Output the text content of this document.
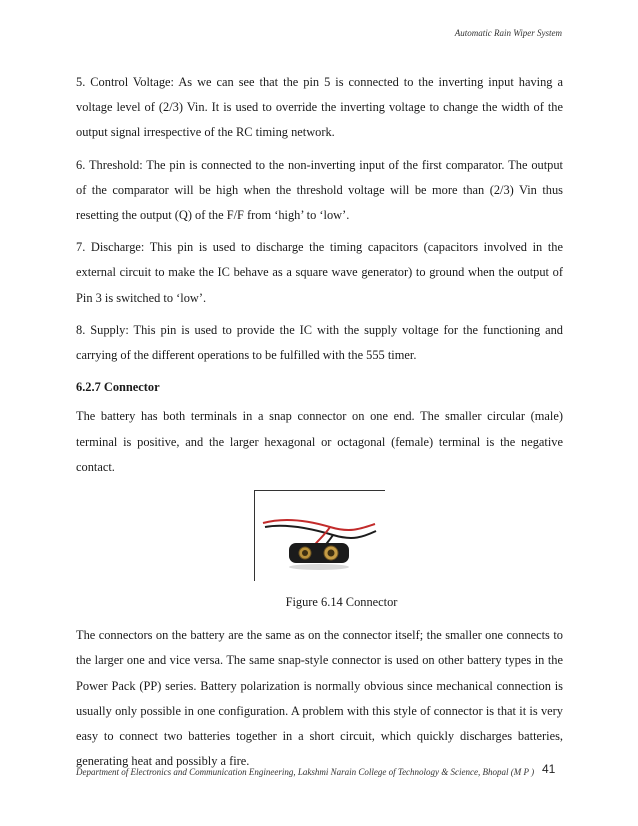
Automatic Rain Wiper System

5. Control Voltage: As we can see that the pin 5 is connected to the inverting input having a voltage level of (2/3) Vin. It is used to override the inverting voltage to change the width of the output signal irrespective of the RC timing network.

6. Threshold: The pin is connected to the non-inverting input of the first comparator. The output of the comparator will be high when the threshold voltage will be more than (2/3) Vin thus resetting the output (Q) of the F/F from ‘high’ to ‘low’.

7. Discharge: This pin is used to discharge the timing capacitors (capacitors involved in the external circuit to make the IC behave as a square wave generator) to ground when the output of Pin 3 is switched to ‘low’.

8. Supply: This pin is used to provide the IC with the supply voltage for the functioning and carrying of the different operations to be fulfilled with the 555 timer.

6.2.7 Connector

The battery has both terminals in a snap connector on one end. The smaller circular (male) terminal is positive, and the larger hexagonal or octagonal (female) terminal is the negative contact.

Figure 6.14 Connector

The connectors on the battery are the same as on the connector itself; the smaller one connects to the larger one and vice versa. The same snap-style connector is used on other battery types in the Power Pack (PP) series. Battery polarization is normally obvious since mechanical connection is usually only possible in one configuration. A problem with this style of connector is that it is very easy to connect two batteries together in a short circuit, which quickly discharges batteries, generating heat and possibly a fire.

Department of Electronics and Communication Engineering, Lakshmi Narain College of Technology & Science, Bhopal (M P ) 41
